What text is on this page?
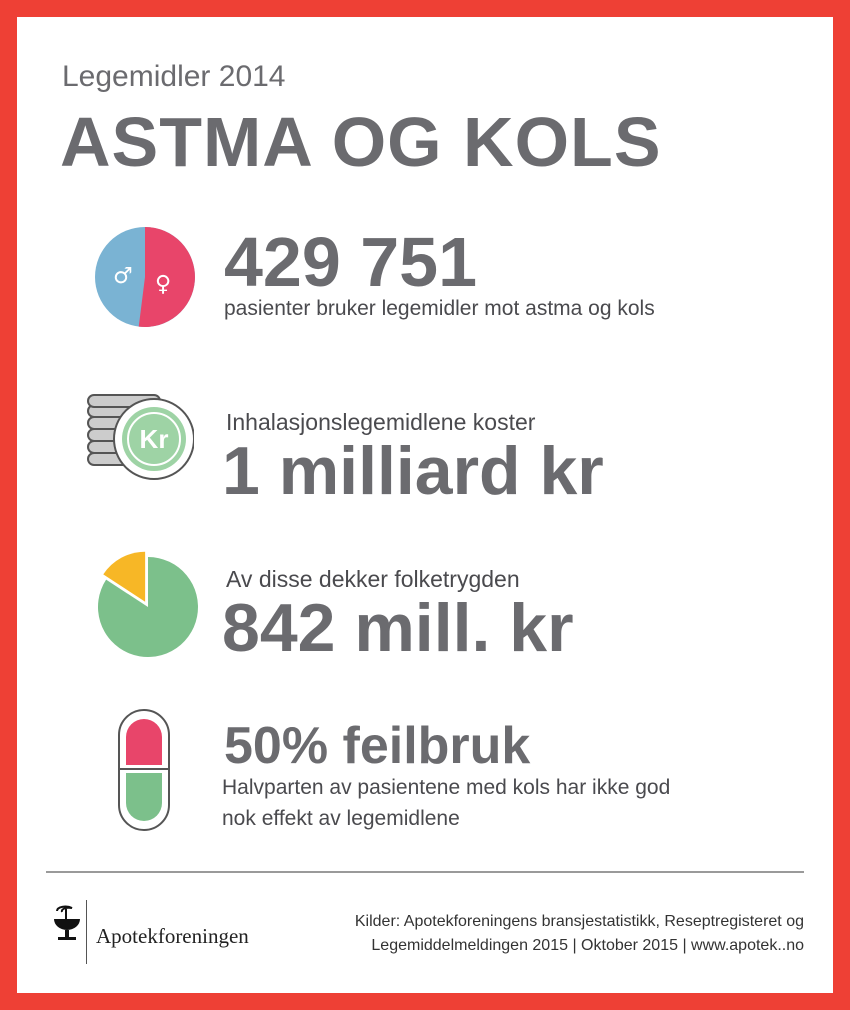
Legemidler 2014
ASTMA OG KOLS
♂ ♀ 429 751
pasienter bruker legemidler mot astma og kols
Kr
Inhalasjonslegemidlene koster
1 milliard kr
Av disse dekker folketrygden
842 mill. kr
50% feilbruk
Halvparten av pasientene med kols har ikke god
nok effekt av legemidlene
Apotekforeningen
Kilder: Apotekforeningens bransjestatistikk, Reseptregisteret og
Legemiddelmeldingen 2015 | Oktober 2015 | www.apotek..no
